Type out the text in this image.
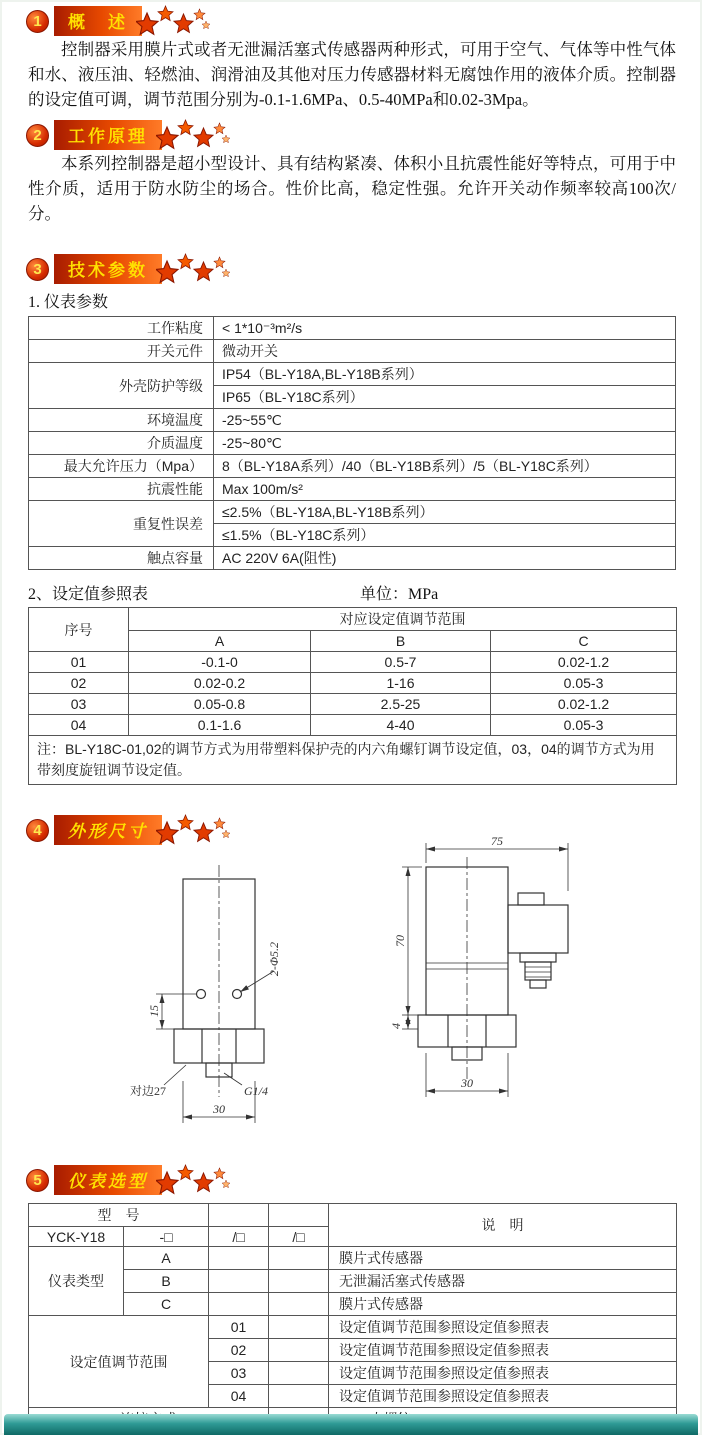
1	概　述

控制器采用膜片式或者无泄漏活塞式传感器两种形式，可用于空气、气体等中性气体和水、液压油、轻燃油、润滑油及其他对压力传感器材料无腐蚀作用的液体介质。控制器的设定值可调，调节范围分别为-0.1-1.6MPa、0.5-40MPa和0.02-3Mpa。

2	工作原理

本系列控制器是超小型设计、具有结构紧凑、体积小且抗震性能好等特点，可用于中性介质，适用于防水防尘的场合。性价比高，稳定性强。允许开关动作频率较高100次/分。

3	技术参数
1. 仪表参数
工作粘度	< 1*10⁻³m²/s
开关元件	微动开关
外壳防护等级	IP54（BL-Y18A,BL-Y18B系列）
	IP65（BL-Y18C系列）
环境温度	-25~55℃
介质温度	-25~80℃
最大允许压力（Mpa）	8（BL-Y18A系列）/40（BL-Y18B系列）/5（BL-Y18C系列）
抗震性能	Max 100m/s²
重复性误差	≤2.5%（BL-Y18A,BL-Y18B系列）
	≤1.5%（BL-Y18C系列）
触点容量	AC 220V 6A(阻性)
2、设定值参照表	单位：MPa
序号	对应设定值调节范围		
	A	B	C
01	-0.1-0	0.5-7	0.02-1.2
02	0.02-0.2	1-16	0.05-3
03	0.05-0.8	2.5-25	0.02-1.2
04	0.1-1.6	4-40	0.05-3
注：BL-Y18C-01,02的调节方式为用带塑料保护壳的内六角螺钉调节设定值，03，04的调节方式为用带刻度旋钮调节设定值。			
4	外形尺寸
15
2-Φ5.2
对边27	G1/4
30
75
70
4
30
5	仪表选型
型　号				说　明
YCK-Y18	-□	/□	/□	
仪表类型	A			膜片式传感器
	B			无泄漏活塞式传感器
	C			膜片式传感器
设定值调节范围		01		设定值调节范围参照设定值参照表
		02		设定值调节范围参照设定值参照表
		03		设定值调节范围参照设定值参照表
		04		设定值调节范围参照设定值参照表
